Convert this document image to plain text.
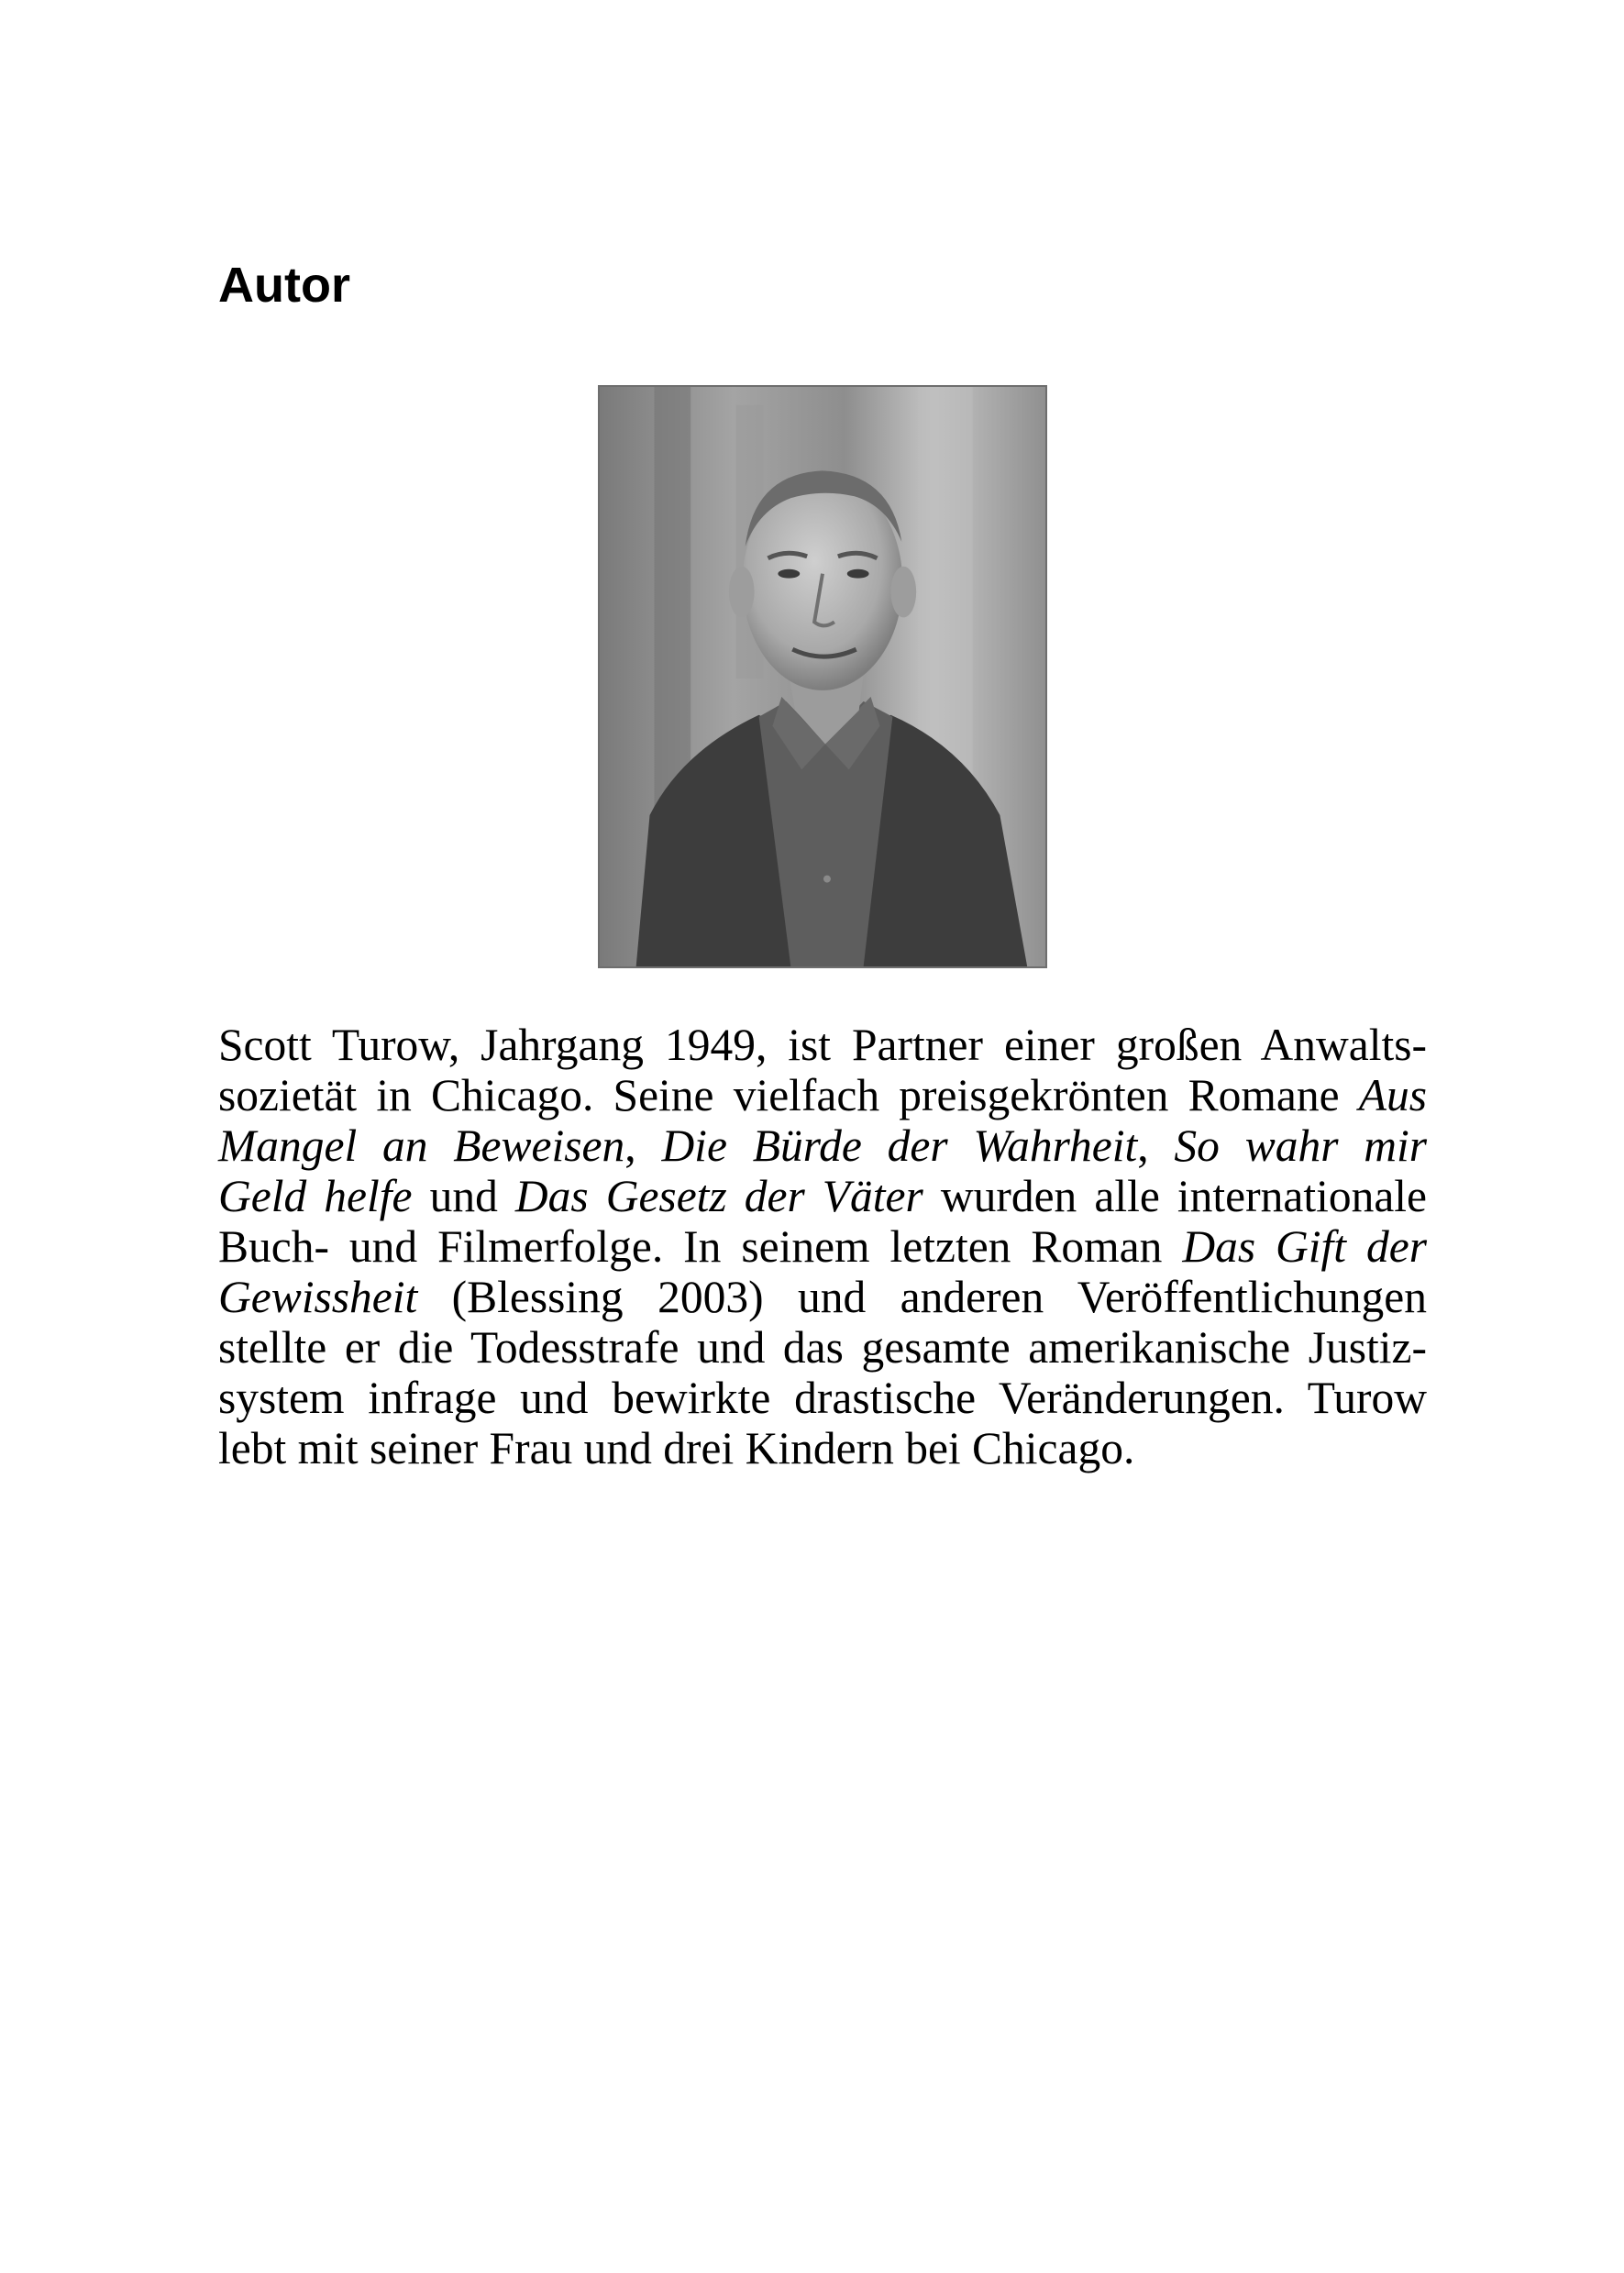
Autor

Scott Turow, Jahrgang 1949, ist Partner einer großen Anwalts-
sozietät in Chicago. Seine vielfach preisgekrönten Romane Aus
Mangel an Beweisen, Die Bürde der Wahrheit, So wahr mir
Geld helfe und Das Gesetz der Väter wurden alle internationale
Buch- und Filmerfolge. In seinem letzten Roman Das Gift der
Gewissheit (Blessing 2003) und anderen Veröffentlichungen
stellte er die Todesstrafe und das gesamte amerikanische Justiz-
system infrage und bewirkte drastische Veränderungen. Turow
lebt mit seiner Frau und drei Kindern bei Chicago.
